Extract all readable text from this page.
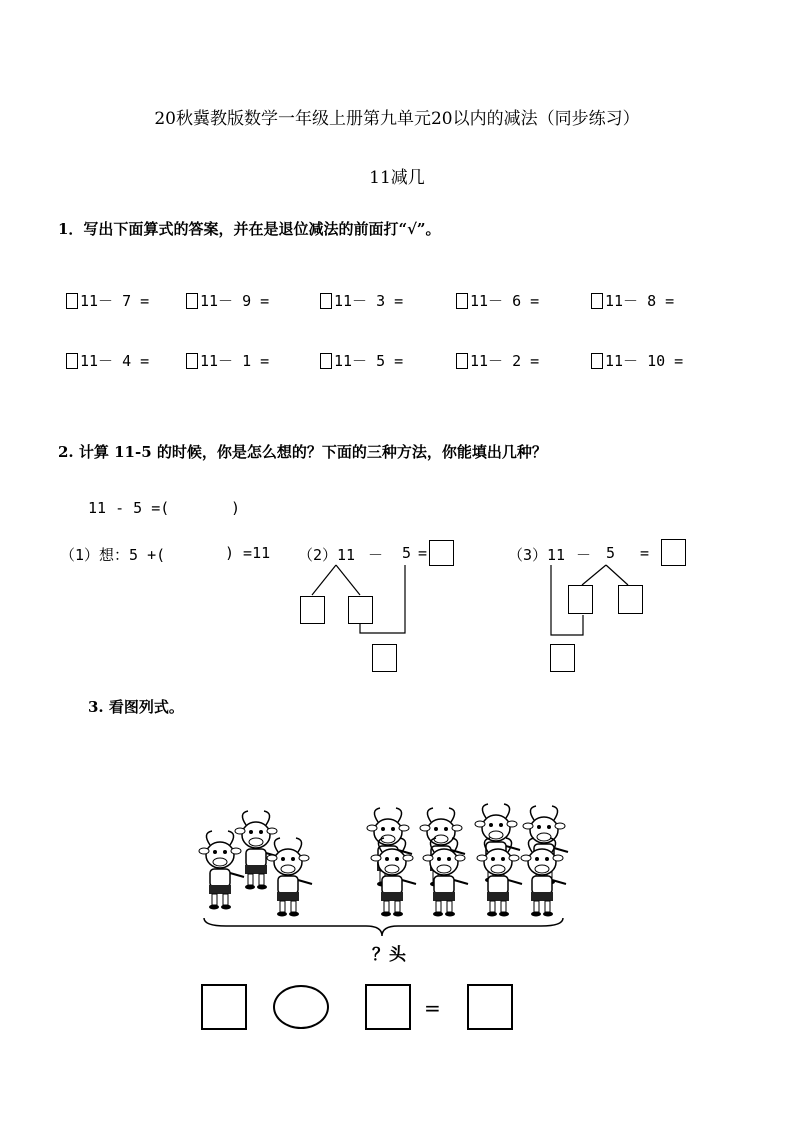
20秋冀教版数学一年级上册第九单元20以内的减法（同步练习）
11减几
1．写出下面算式的答案，并在是退位减法的前面打“√”。
11－ 7 =	11－ 9 =	11－ 3 =	11－ 6 =	11－ 8 =
11－ 4 =	11－ 1 =	11－ 5 =	11－ 2 =	11－ 10 =
2. 计算 11-5 的时候，你是怎么想的？下面的三种方法，你能填出几种？
11 - 5 =(	)
（1）想：5 +(	) =11 （2）11 － 5 =	（3）11 － 5 =
3. 看图列式。
？头
=
